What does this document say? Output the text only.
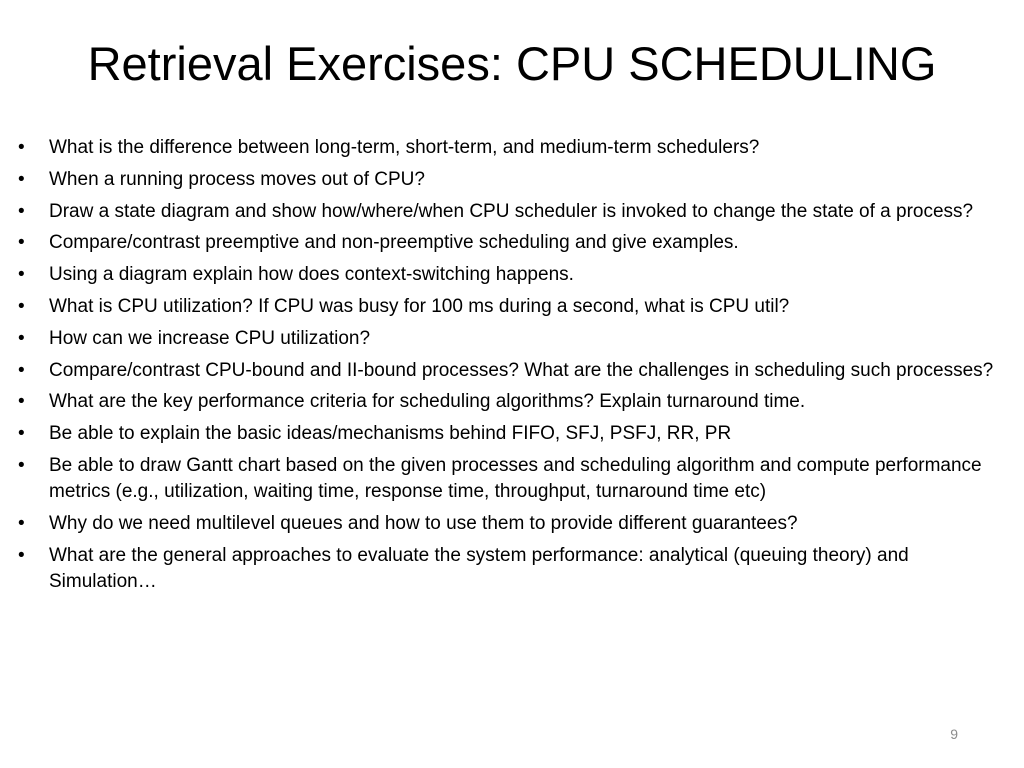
Retrieval Exercises: CPU SCHEDULING
•	What is the difference between long-term, short-term, and medium-term schedulers?
•	When a running process moves out of CPU?
•	Draw a state diagram and show how/where/when CPU scheduler is invoked to change the state of a process?
•	Compare/contrast preemptive and non-preemptive scheduling and give examples.
•	Using a diagram explain how does context-switching happens.
•	What is CPU utilization? If CPU was busy for 100 ms during a second, what is CPU util?
•	How can we increase CPU utilization?
•	Compare/contrast CPU-bound and II-bound processes? What are the challenges in scheduling such processes?
•	What are the key performance criteria for scheduling algorithms? Explain turnaround time.
•	Be able to explain the basic ideas/mechanisms behind FIFO, SFJ, PSFJ, RR, PR
•	Be able to draw Gantt chart based on the given processes and scheduling algorithm and compute performance metrics (e.g., utilization, waiting time, response time, throughput, turnaround time etc)
•	Why do we need multilevel queues and how to use them to provide different guarantees?
•	What are the general approaches to evaluate the system performance: analytical (queuing theory) and Simulation…
9
